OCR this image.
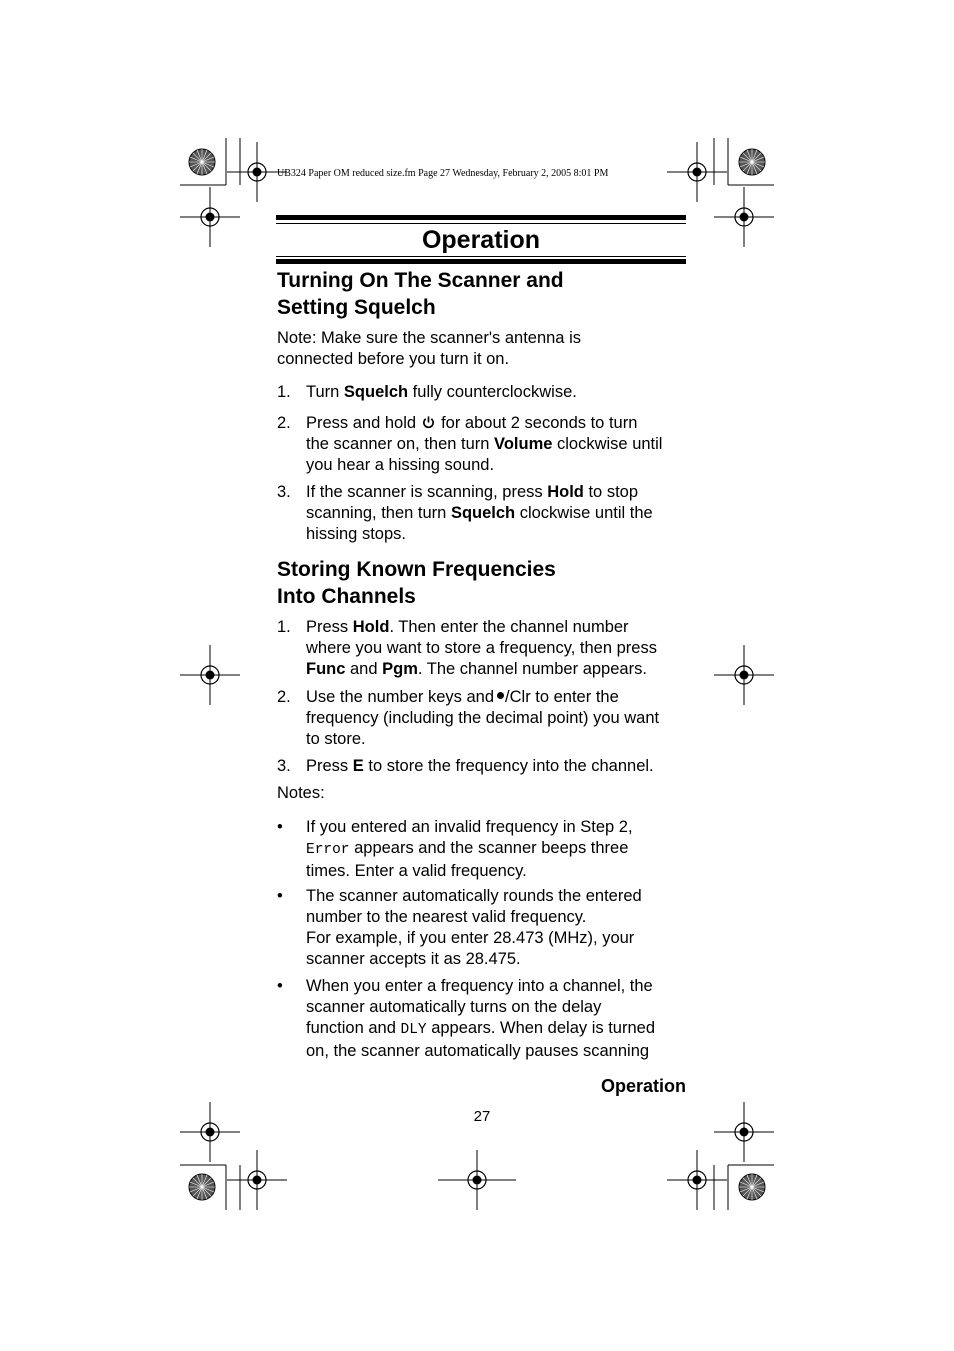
UB324 Paper OM reduced size.fm Page 27 Wednesday, February 2, 2005 8:01 PM
Operation
Turning On The Scanner and
Setting Squelch
Note: Make sure the scanner's antenna is
connected before you turn it on.
1. Turn Squelch fully counterclockwise.
2. Press and hold for about 2 seconds to turn
the scanner on, then turn Volume clockwise until
you hear a hissing sound.
3. If the scanner is scanning, press Hold to stop
scanning, then turn Squelch clockwise until the
hissing stops.
Storing Known Frequencies
Into Channels
1. Press Hold. Then enter the channel number
where you want to store a frequency, then press
Func and Pgm. The channel number appears.
2. Use the number keys and /Clr to enter the
frequency (including the decimal point) you want
to store.
3. Press E to store the frequency into the channel.
Notes:
• If you entered an invalid frequency in Step 2,
Error appears and the scanner beeps three
times. Enter a valid frequency.
• The scanner automatically rounds the entered
number to the nearest valid frequency.
For example, if you enter 28.473 (MHz), your
scanner accepts it as 28.475.
• When you enter a frequency into a channel, the
scanner automatically turns on the delay
function and DLY appears. When delay is turned
on, the scanner automatically pauses scanning
Operation
27
